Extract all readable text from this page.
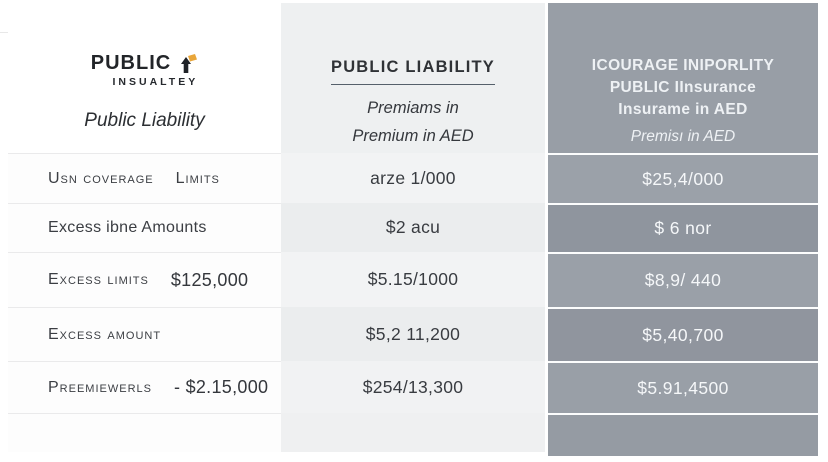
PUBLIC
INSUALTEY
Public Liability
Usn coverage Limits
Excess ibne Amounts
Excess limits $125,000
Excess amount
Preemiewerls - $2.15,000
PUBLIC LIABILITY
Premiams in
Premium in AED
arze 1/000
$2 acu
$5.15/1000
$5,2 11,200
$254/13,300
ICOURAGE INIPORLITY
PUBLIC IInsurance
Insurame in AED
Premisı in AED
$25,4/000
$ 6 nor
$8,9/ 440
$5,40,700
$5.91,4500
